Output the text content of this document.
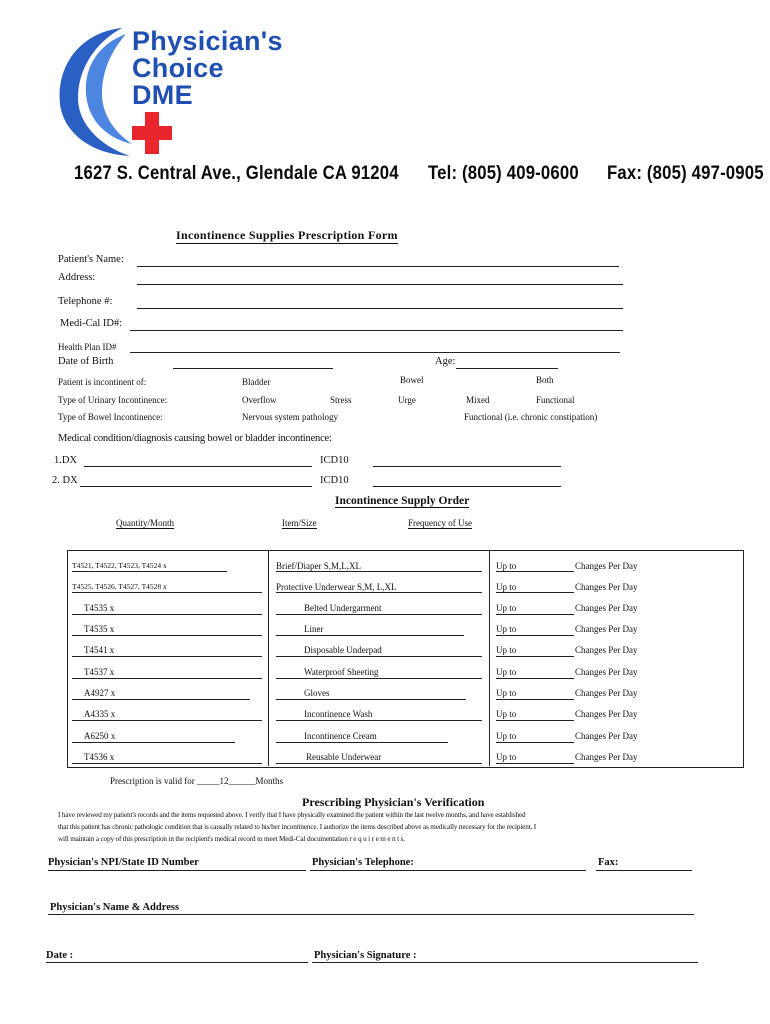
Physician's
Choice
DME
1627 S. Central Ave., Glendale CA 91204 Tel: (805) 409-0600 Fax: (805) 497-0905
Incontinence Supplies Prescription Form
Patient's Name:
Address:
Telephone #:
Medi-Cal ID#:
Health Plan ID#
Date of Birth	Age:
Patient is incontinent of:	Bladder	Bowel	Both
Type of Urinary Incontinence:	Overflow	Stress	Urge	Mixed	Functional
Type of Bowel Incontinence:	Nervous system pathology	Functional (i.e. chronic constipation)
Medical condition/diagnosis causing bowel or bladder incontinence:
1.DX	ICD10
2. DX	ICD10
Incontinence Supply Order
Quantity/Month	Item/Size	Frequency of Use
T4521, T4522, T4523, T4524 x	Brief/Diaper S,M,L,XL	Up to	Changes Per Day
T4525, T4526, T4527, T4528 x	Protective Underwear S,M, L,XL	Up to	Changes Per Day
T4535 x	Belted Undergarment	Up to	Changes Per Day
T4535 x	Liner	Up to	Changes Per Day
T4541 x	Disposable Underpad	Up to	Changes Per Day
T4537 x	Waterproof Sheeting	Up to	Changes Per Day
A4927 x	Gloves	Up to	Changes Per Day
A4335 x	Incontinence Wash	Up to	Changes Per Day
A6250 x	Incontinence Cream	Up to	Changes Per Day
T4536 x	Reusable Underwear	Up to	Changes Per Day
Prescription is valid for _____12______Months
Prescribing Physician's Verification
I have reviewed my patient's records and the items requested above. I verify that I have physically examined the patient within the last twelve months, and have established
that this patient has chronic pathologic condition that is causally related to his/her incontinence. I authorize the items described above as medically necessary for the recipient. I
will maintain a copy of this prescription in the recipient's medical record to meet Medi-Cal documentation r e q u i r e m e n t s.
Physician's NPI/State ID Number	Physician's Telephone:	Fax:
Physician's Name & Address
Date :	Physician's Signature :
